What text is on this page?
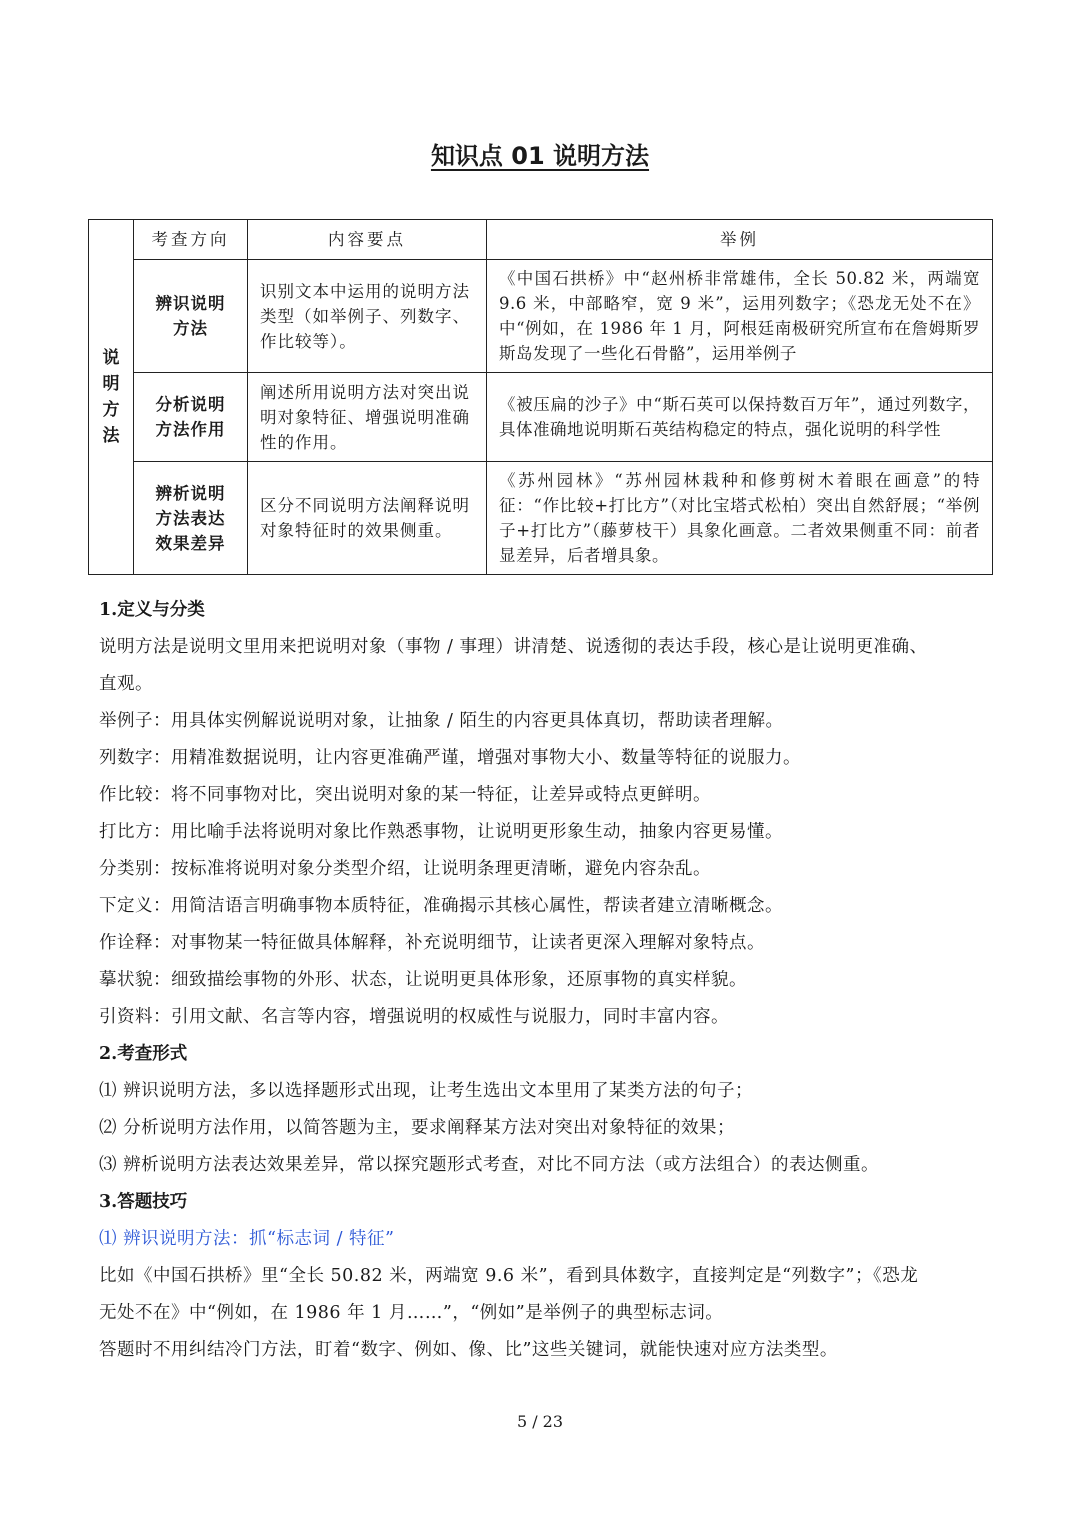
知识点 01 说明方法
说
明
方
法	考查方向	内容要点	举例

	辨识说明方法	识别文本中运用的说明方法类型（如举例子、列数字、作比较等）。	《中国石拱桥》中“赵州桥非常雄伟，全长 50.82 米，两端宽 9.6 米，中部略窄，宽 9 米”，运用列数字；《恐龙无处不在》中“例如，在 1986 年 1 月，阿根廷南极研究所宣布在詹姆斯罗斯岛发现了一些化石骨骼”，运用举例子

	分析说明方法作用	阐述所用说明方法对突出说明对象特征、增强说明准确性的作用。	《被压扁的沙子》中“斯石英可以保持数百万年”，通过列数字，具体准确地说明斯石英结构稳定的特点，强化说明的科学性

	辨析说明方法表达效果差异	区分不同说明方法阐释说明对象特征时的效果侧重。	《苏州园林》“苏州园林栽种和修剪树木着眼在画意”的特征：“作比较+打比方”（对比宝塔式松柏）突出自然舒展；“举例子+打比方”（藤萝枝干）具象化画意。二者效果侧重不同：前者显差异，后者增具象。

1.定义与分类

说明方法是说明文里用来把说明对象（事物 / 事理）讲清楚、说透彻的表达手段，核心是让说明更准确、

直观。

举例子：用具体实例解说说明对象，让抽象 / 陌生的内容更具体真切，帮助读者理解。

列数字：用精准数据说明，让内容更准确严谨，增强对事物大小、数量等特征的说服力。

作比较：将不同事物对比，突出说明对象的某一特征，让差异或特点更鲜明。

打比方：用比喻手法将说明对象比作熟悉事物，让说明更形象生动，抽象内容更易懂。

分类别：按标准将说明对象分类型介绍，让说明条理更清晰，避免内容杂乱。

下定义：用简洁语言明确事物本质特征，准确揭示其核心属性，帮读者建立清晰概念。

作诠释：对事物某一特征做具体解释，补充说明细节，让读者更深入理解对象特点。

摹状貌：细致描绘事物的外形、状态，让说明更具体形象，还原事物的真实样貌。

引资料：引用文献、名言等内容，增强说明的权威性与说服力，同时丰富内容。

2.考查形式

⑴ 辨识说明方法，多以选择题形式出现，让考生选出文本里用了某类方法的句子；

⑵ 分析说明方法作用，以简答题为主，要求阐释某方法对突出对象特征的效果；

⑶ 辨析说明方法表达效果差异，常以探究题形式考查，对比不同方法（或方法组合）的表达侧重。

3.答题技巧

⑴ 辨识说明方法：抓“标志词 / 特征”

比如《中国石拱桥》里“全长 50.82 米，两端宽 9.6 米”，看到具体数字，直接判定是“列数字”；《恐龙

无处不在》中“例如，在 1986 年 1 月……”，“例如”是举例子的典型标志词。

答题时不用纠结冷门方法，盯着“数字、例如、像、比”这些关键词，就能快速对应方法类型。

5 / 23
